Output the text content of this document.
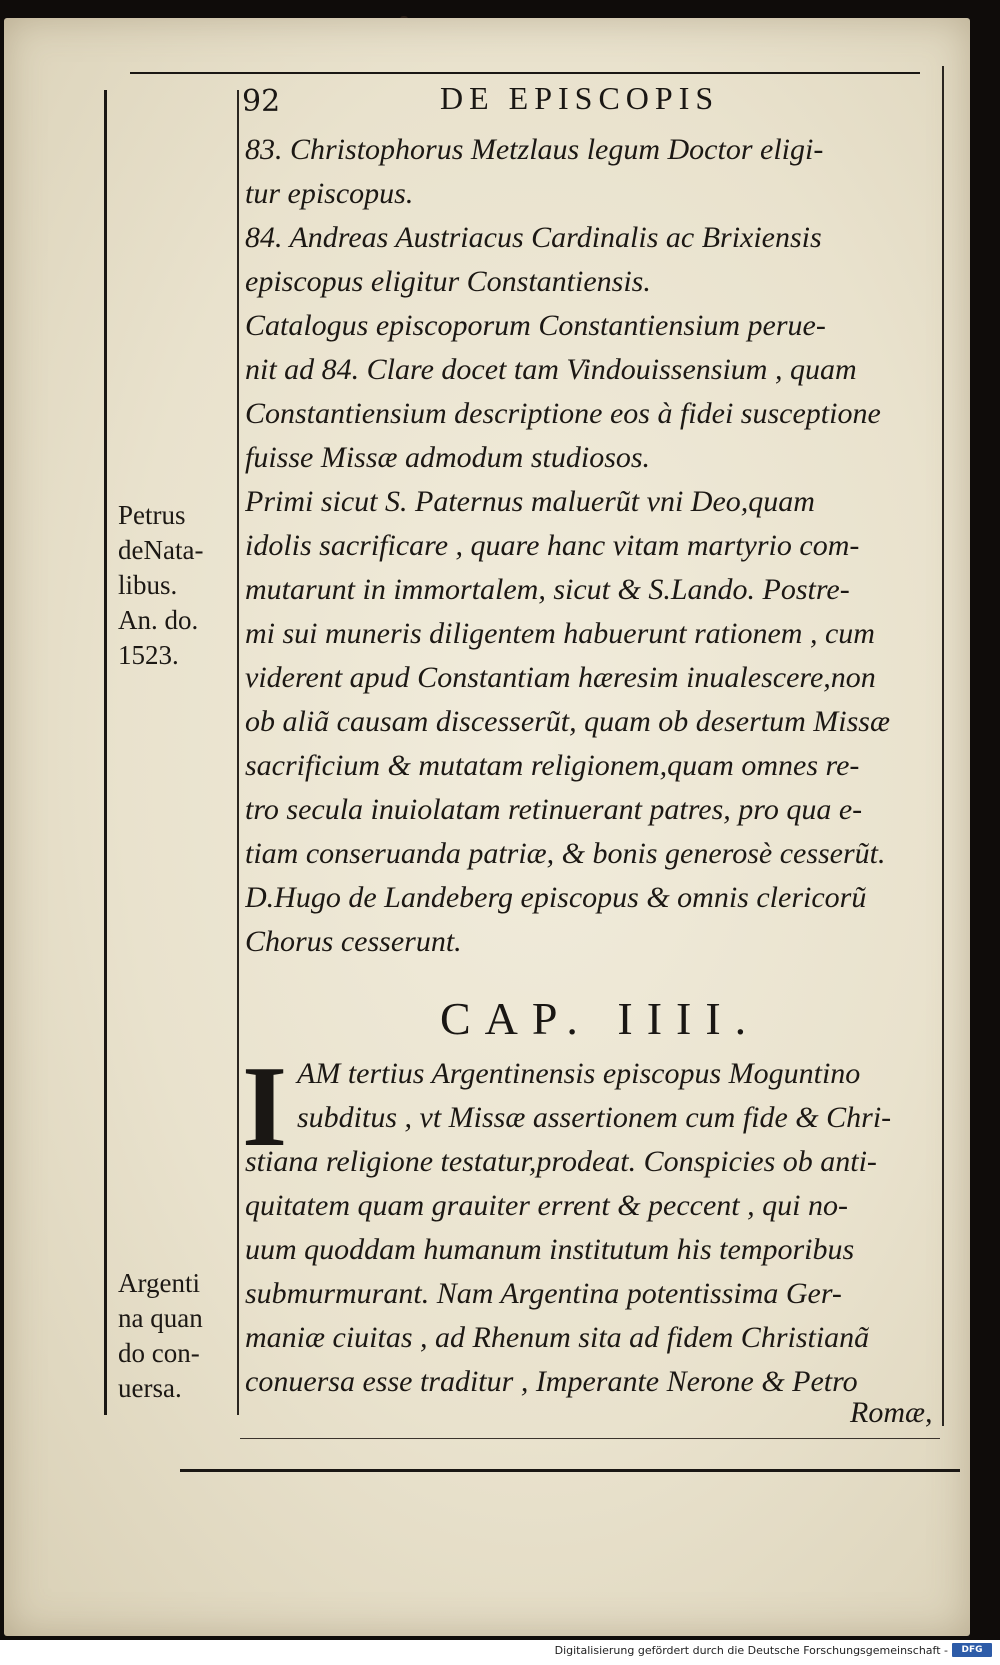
92	DE EPISCOPIS
83. Christophorus Metzlaus legum Doctor eligi-
tur episcopus.
84. Andreas Austriacus Cardinalis ac Brixiensis
episcopus eligitur Constantiensis.
Catalogus episcoporum Constantiensium perue-
nit ad 84. Clare docet tam Vindouissensium , quam
Constantiensium descriptione eos à fidei susceptione
fuisse Missæ admodum studiosos.
Primi sicut S. Paternus maluerũt vni Deo,quam
idolis sacrificare , quare hanc vitam martyrio com-
mutarunt in immortalem, sicut & S.Lando. Postre-
mi sui muneris diligentem habuerunt rationem , cum
viderent apud Constantiam hæresim inualescere,non
ob aliã causam discesserũt, quam ob desertum Missæ
sacrificium & mutatam religionem,quam omnes re-
tro secula inuiolatam retinuerant patres, pro qua e-
tiam conseruanda patriæ, & bonis generosè cesserũt.
D.Hugo de Landeberg episcopus & omnis clericorũ
Chorus cesserunt.
Petrus
deNata-
libus.
An. do.
1523.
CAP. IIII.
I AM tertius Argentinensis episcopus Moguntino
subditus , vt Missæ assertionem cum fide & Chri-
stiana religione testatur,prodeat. Conspicies ob anti-
quitatem quam grauiter errent & peccent , qui no-
uum quoddam humanum institutum his temporibus
submurmurant. Nam Argentina potentissima Ger-
maniæ ciuitas , ad Rhenum sita ad fidem Christianã
conuersa esse traditur , Imperante Nerone & Petro
Argenti
na quan
do con-
uersa.
Romæ,
Digitalisierung gefördert durch die Deutsche Forschungsgemeinschaft -	DFG
